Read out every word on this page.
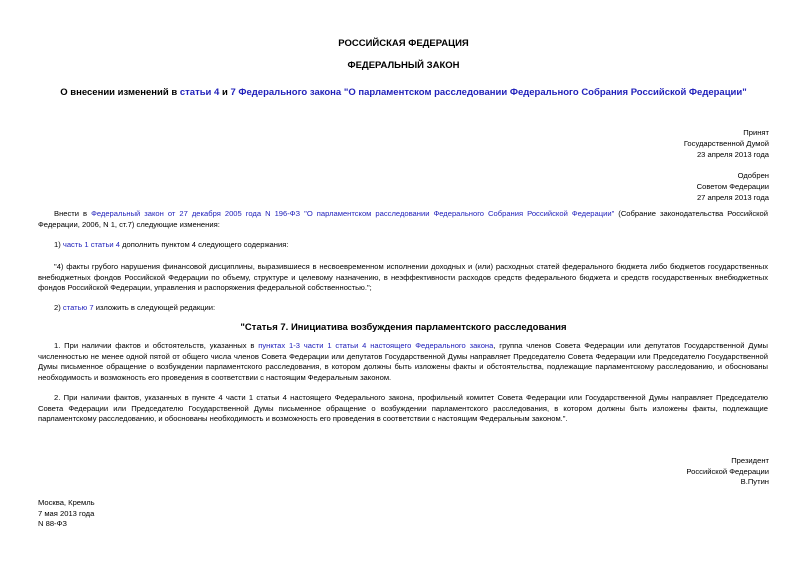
РОССИЙСКАЯ ФЕДЕРАЦИЯ
ФЕДЕРАЛЬНЫЙ ЗАКОН
О внесении изменений в статьи 4 и 7 Федерального закона "О парламентском расследовании Федерального Собрания Российской Федерации"
Принят
Государственной Думой
23 апреля 2013 года
Одобрен
Советом Федерации
27 апреля 2013 года
Внести в Федеральный закон от 27 декабря 2005 года N 196-ФЗ "О парламентском расследовании Федерального Собрания Российской Федерации" (Собрание законодательства Российской Федерации, 2006, N 1, ст.7) следующие изменения:
1) часть 1 статьи 4 дополнить пунктом 4 следующего содержания:
"4) факты грубого нарушения финансовой дисциплины, выразившиеся в несвоевременном исполнении доходных и (или) расходных статей федерального бюджета либо бюджетов государственных внебюджетных фондов Российской Федерации по объему, структуре и целевому назначению, в неэффективности расходов средств федерального бюджета и средств государственных внебюджетных фондов Российской Федерации, управления и распоряжения федеральной собственностью.";
2) статью 7 изложить в следующей редакции:
"Статья 7. Инициатива возбуждения парламентского расследования
1. При наличии фактов и обстоятельств, указанных в пунктах 1-3 части 1 статьи 4 настоящего Федерального закона, группа членов Совета Федерации или депутатов Государственной Думы численностью не менее одной пятой от общего числа членов Совета Федерации или депутатов Государственной Думы направляет Председателю Совета Федерации или Председателю Государственной Думы письменное обращение о возбуждении парламентского расследования, в котором должны быть изложены факты и обстоятельства, подлежащие парламентскому расследованию, и обоснованы необходимость и возможность его проведения в соответствии с настоящим Федеральным законом.
2. При наличии фактов, указанных в пункте 4 части 1 статьи 4 настоящего Федерального закона, профильный комитет Совета Федерации или Государственной Думы направляет Председателю Совета Федерации или Председателю Государственной Думы письменное обращение о возбуждении парламентского расследования, в котором должны быть изложены факты, подлежащие парламентскому расследованию, и обоснованы необходимость и возможность его проведения в соответствии с настоящим Федеральным законом.".
Президент
Российской Федерации
В.Путин
Москва, Кремль
7 мая 2013 года
N 88-ФЗ
